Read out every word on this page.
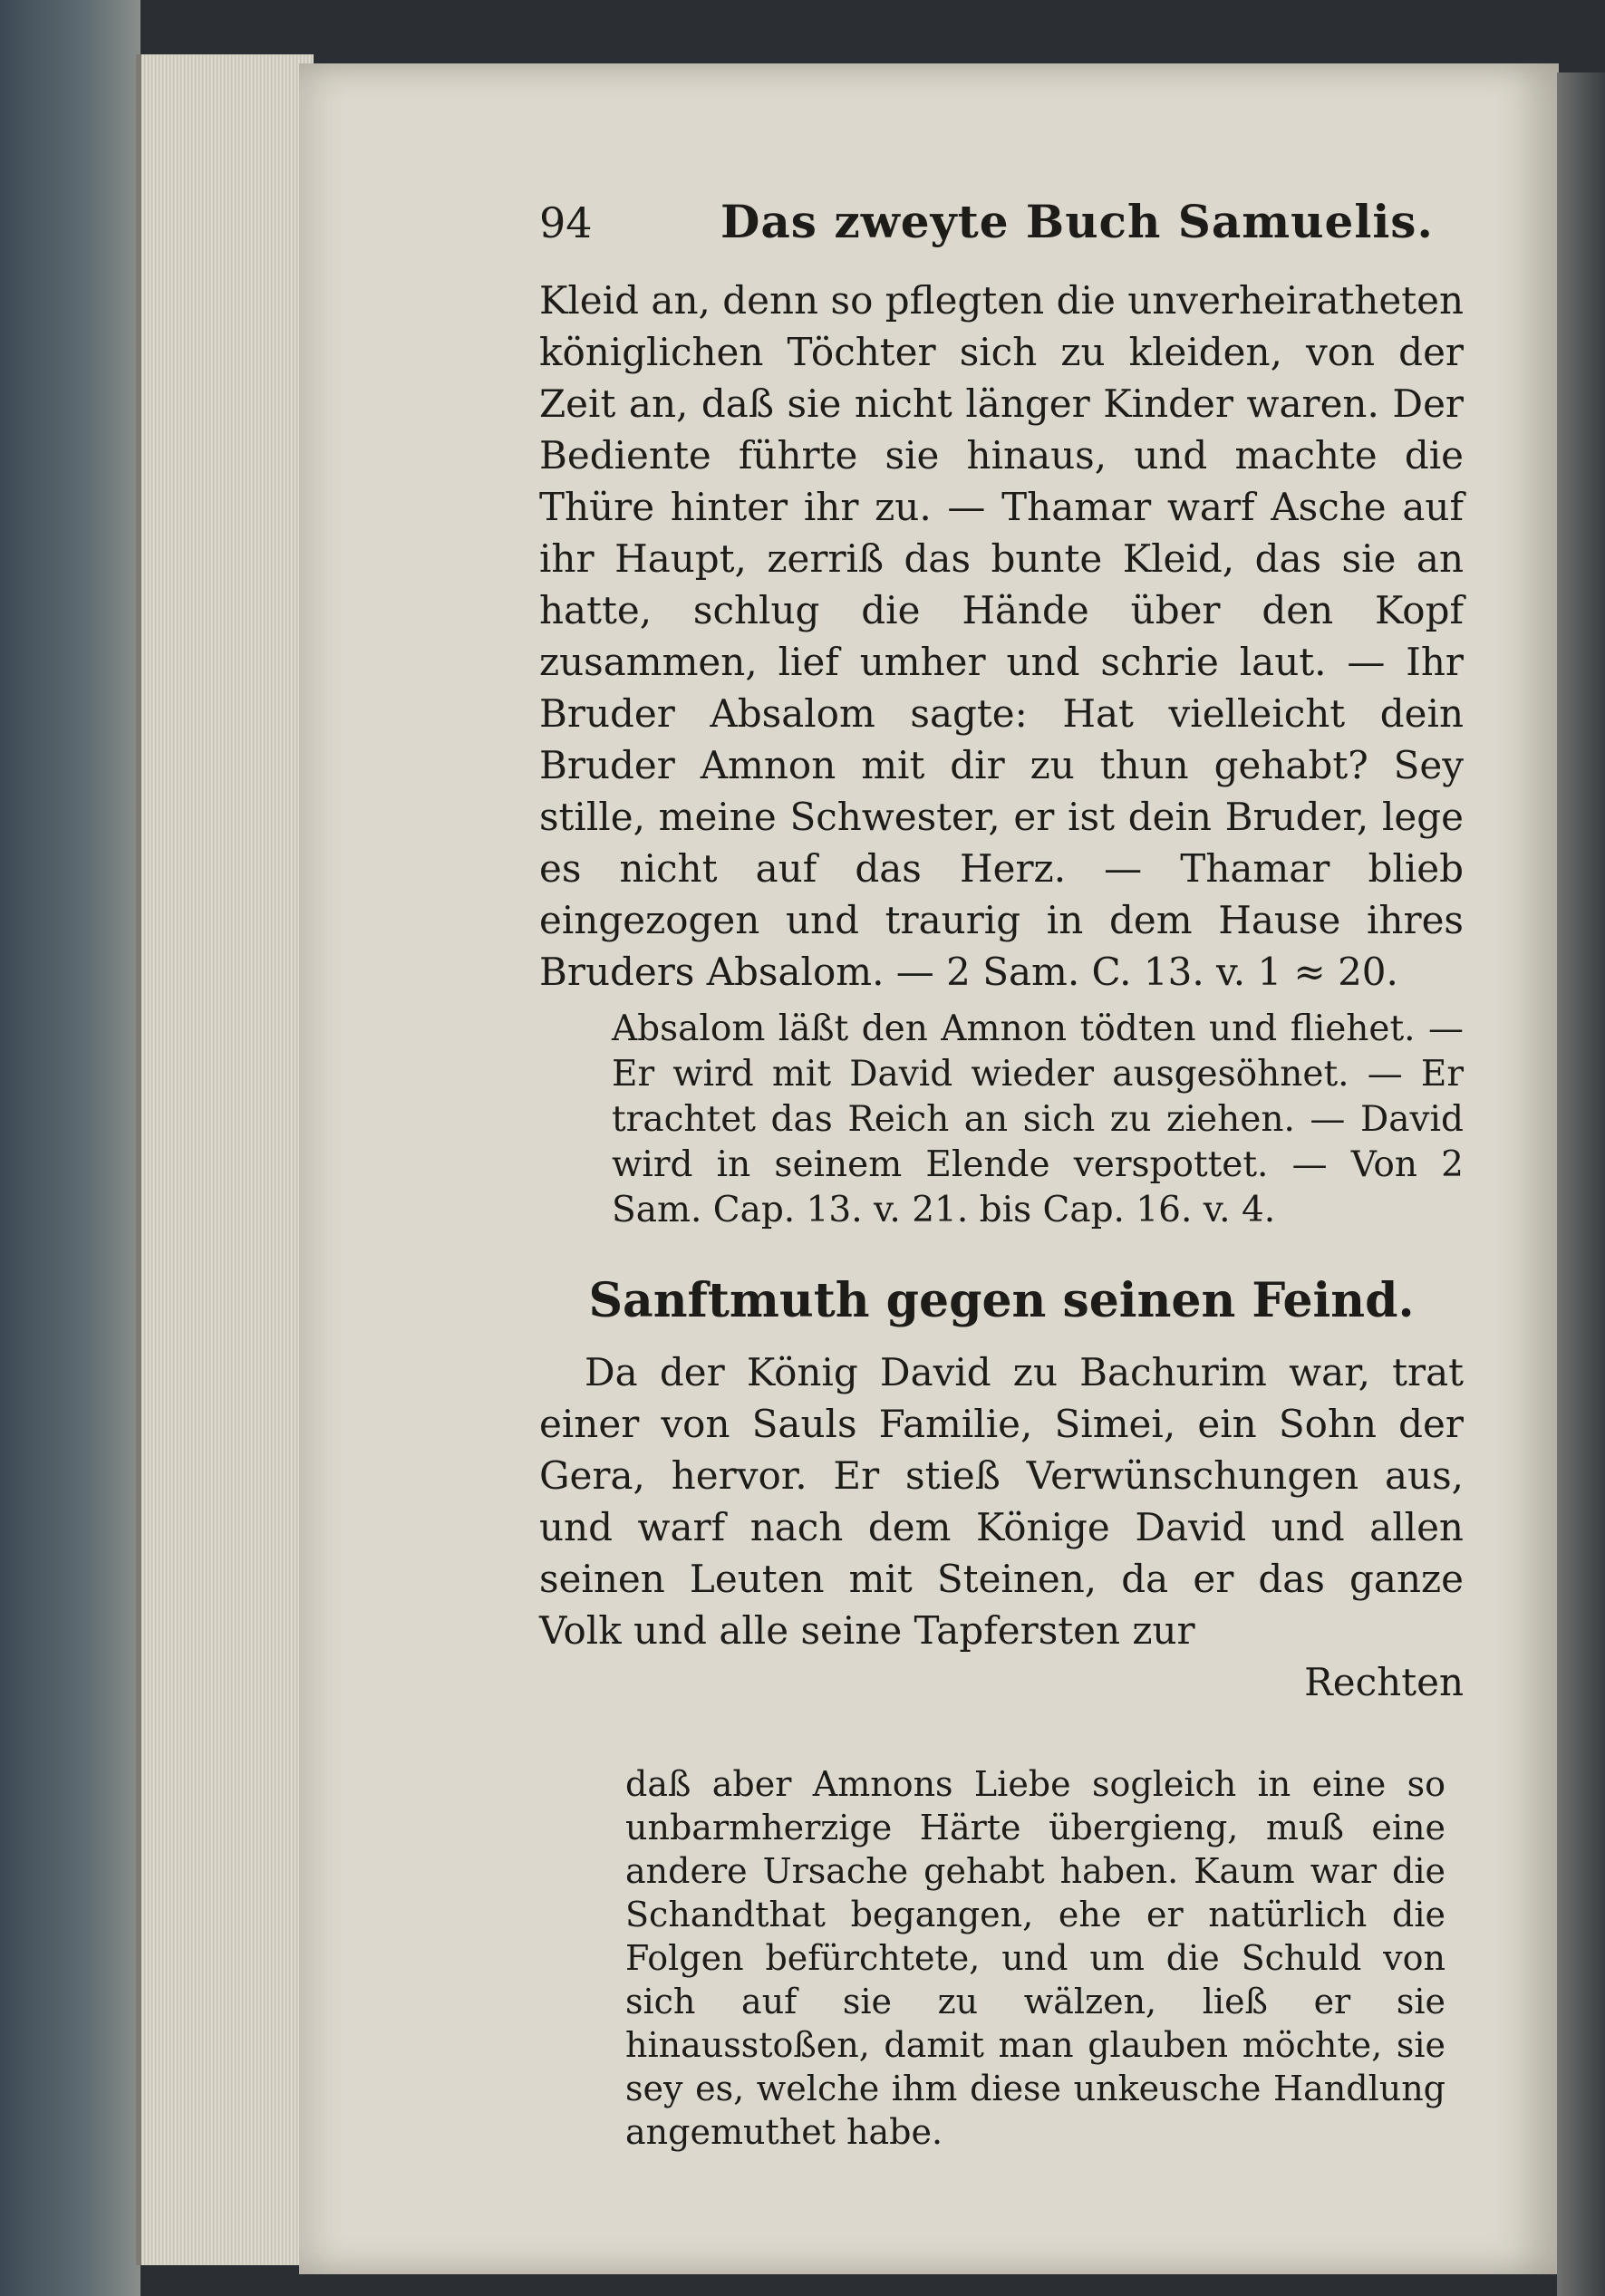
94	Das zweyte Buch Samuelis.

Kleid an, denn so pflegten die unverheiratheten königlichen Töchter sich zu kleiden, von der Zeit an, daß sie nicht länger Kinder waren. Der Bediente führte sie hinaus, und machte die Thüre hinter ihr zu. — Thamar warf Asche auf ihr Haupt, zerriß das bunte Kleid, das sie an hatte, schlug die Hände über den Kopf zusammen, lief umher und schrie laut. — Ihr Bruder Absalom sagte: Hat vielleicht dein Bruder Amnon mit dir zu thun gehabt? Sey stille, meine Schwester, er ist dein Bruder, lege es nicht auf das Herz. — Thamar blieb eingezogen und traurig in dem Hause ihres Bruders Absalom. — 2 Sam. C. 13. v. 1 ≈ 20.

Absalom läßt den Amnon tödten und fliehet. — Er wird mit David wieder ausgesöhnet. — Er trachtet das Reich an sich zu ziehen. — David wird in seinem Elende verspottet. — Von 2 Sam. Cap. 13. v. 21. bis Cap. 16. v. 4.
Sanftmuth gegen seinen Feind.

Da der König David zu Bachurim war, trat einer von Sauls Familie, Simei, ein Sohn der Gera, hervor. Er stieß Verwünschungen aus, und warf nach dem Könige David und allen seinen Leuten mit Steinen, da er das ganze Volk und alle seine Tapfersten zur

Rechten
daß aber Amnons Liebe sogleich in eine so unbarmherzige Härte übergieng, muß eine andere Ursache gehabt haben. Kaum war die Schandthat begangen, ehe er natürlich die Folgen befürchtete, und um die Schuld von sich auf sie zu wälzen, ließ er sie hinausstoßen, damit man glauben möchte, sie sey es, welche ihm diese unkeusche Handlung angemuthet habe.
